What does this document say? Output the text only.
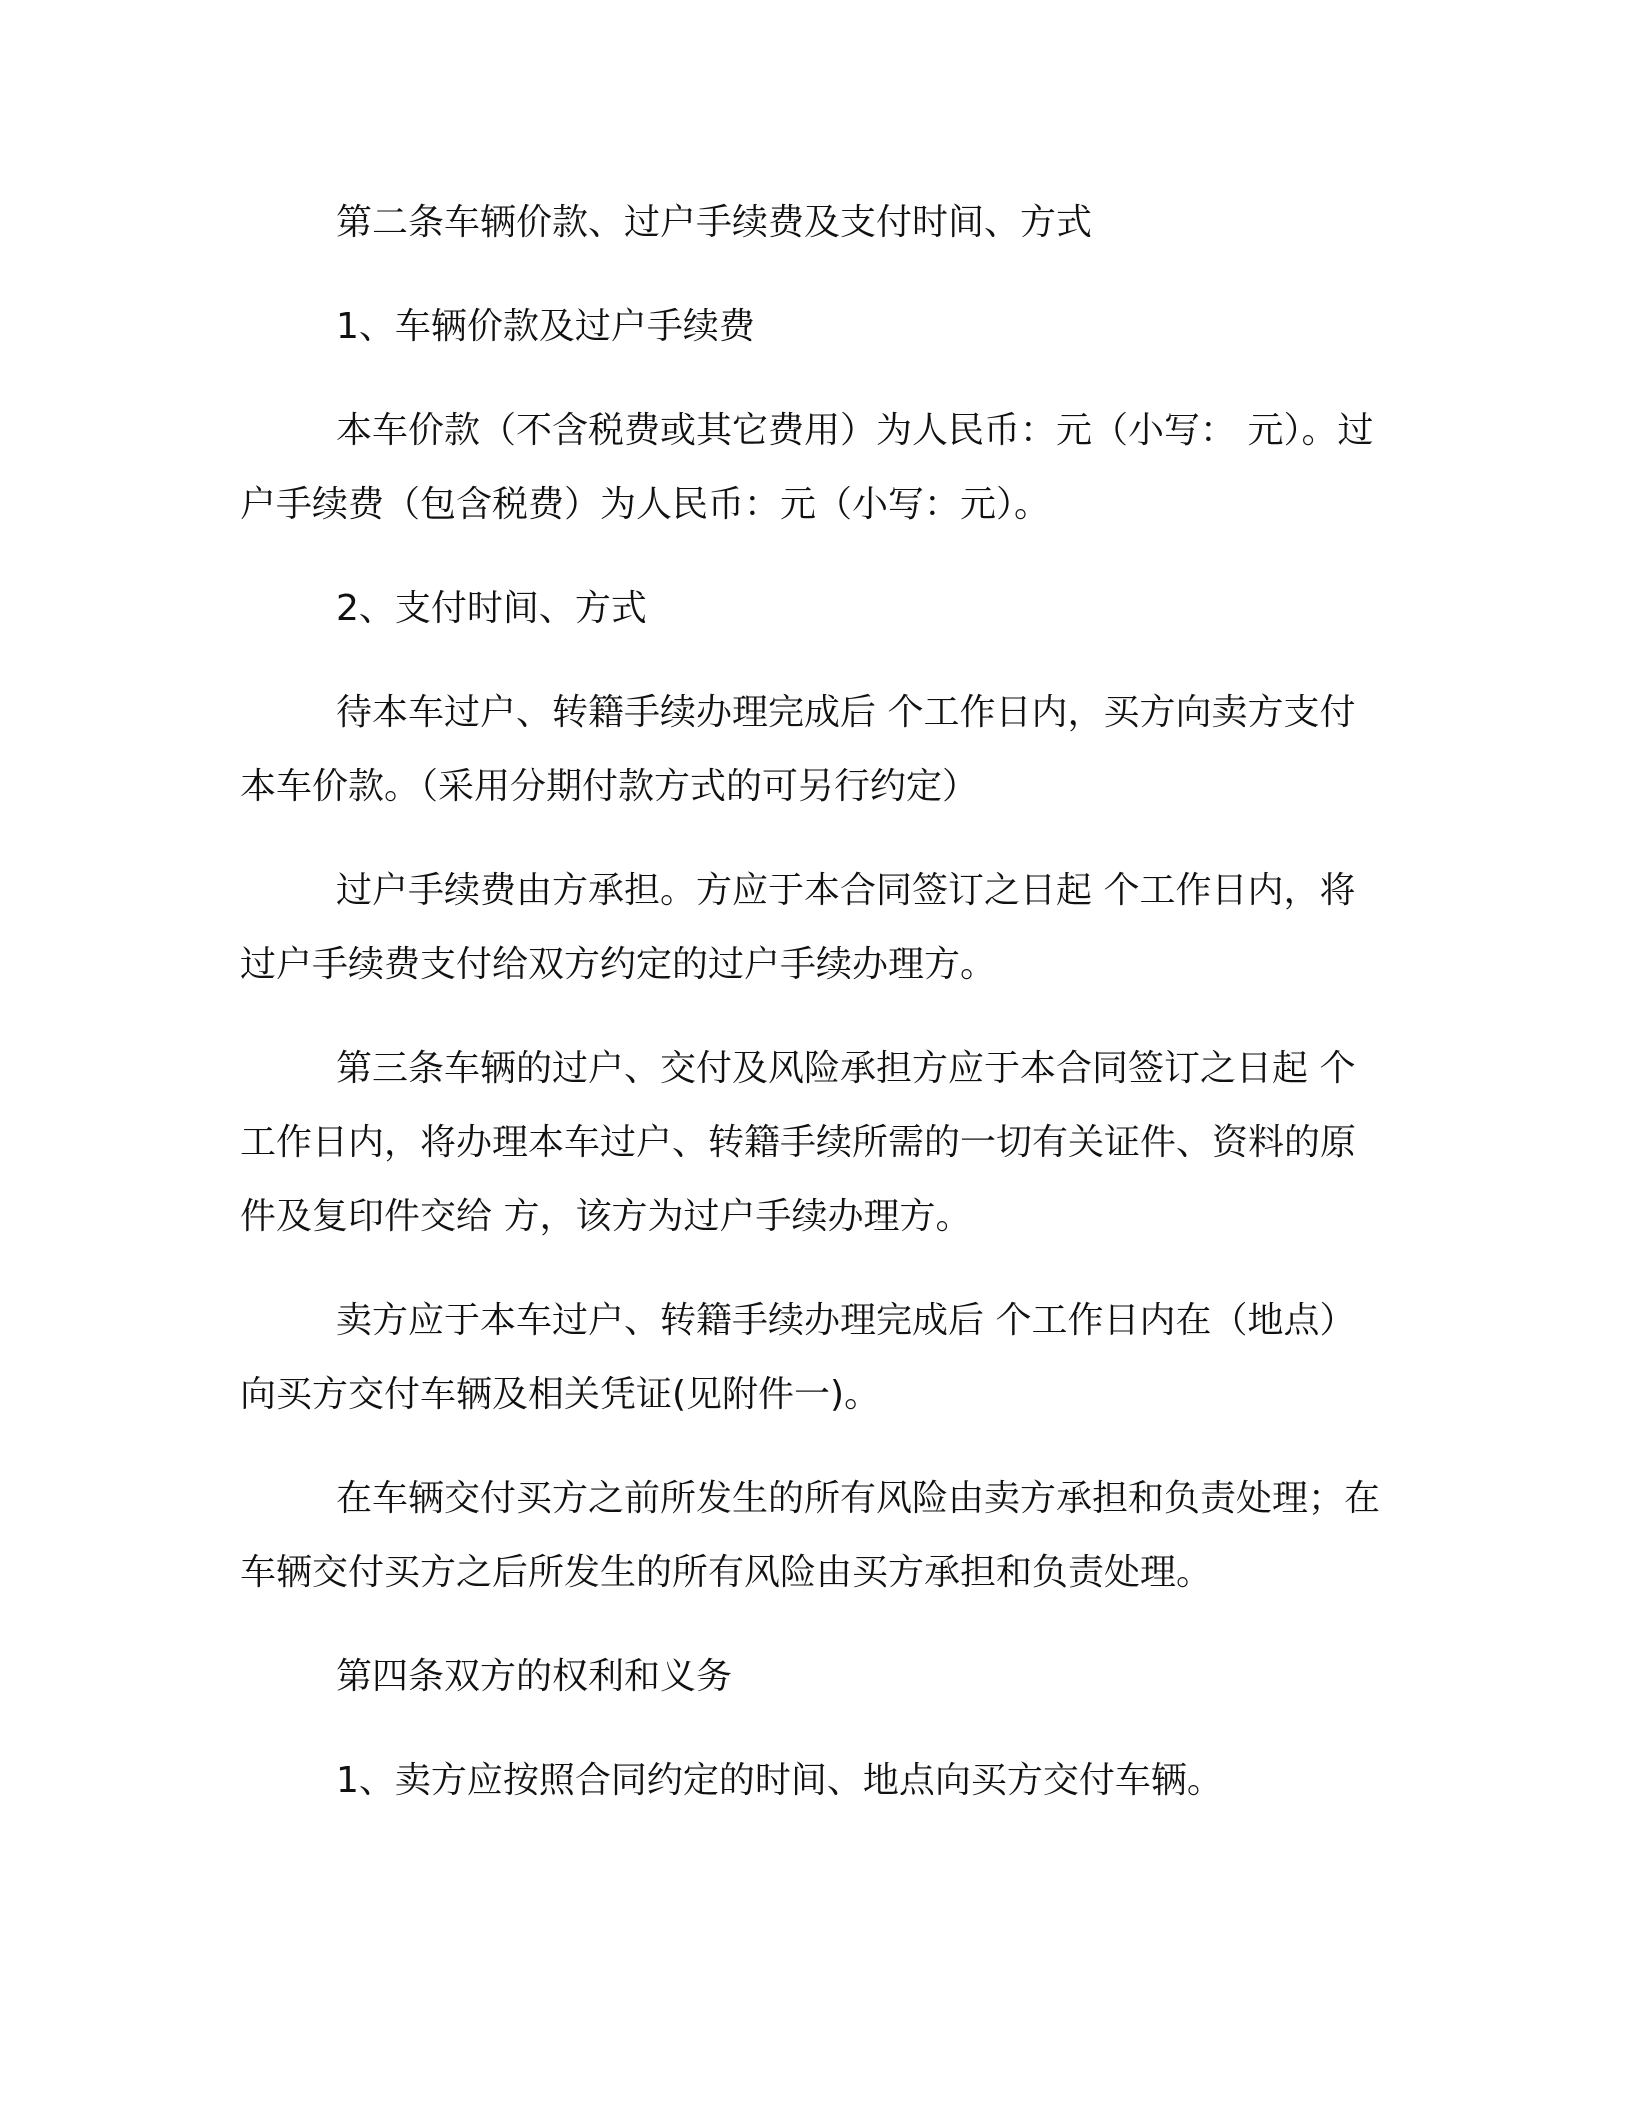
第二条车辆价款、过户手续费及支付时间、方式

1、车辆价款及过户手续费

本车价款（不含税费或其它费用）为人民币：元（小写： 元）。过户手续费（包含税费）为人民币：元（小写：元）。

2、支付时间、方式

待本车过户、转籍手续办理完成后 个工作日内，买方向卖方支付本车价款。（采用分期付款方式的可另行约定）

过户手续费由方承担。方应于本合同签订之日起 个工作日内，将过户手续费支付给双方约定的过户手续办理方。

第三条车辆的过户、交付及风险承担方应于本合同签订之日起 个工作日内，将办理本车过户、转籍手续所需的一切有关证件、资料的原件及复印件交给 方，该方为过户手续办理方。

卖方应于本车过户、转籍手续办理完成后 个工作日内在（地点）向买方交付车辆及相关凭证(见附件一)。

在车辆交付买方之前所发生的所有风险由卖方承担和负责处理；在车辆交付买方之后所发生的所有风险由买方承担和负责处理。

第四条双方的权利和义务

1、卖方应按照合同约定的时间、地点向买方交付车辆。
